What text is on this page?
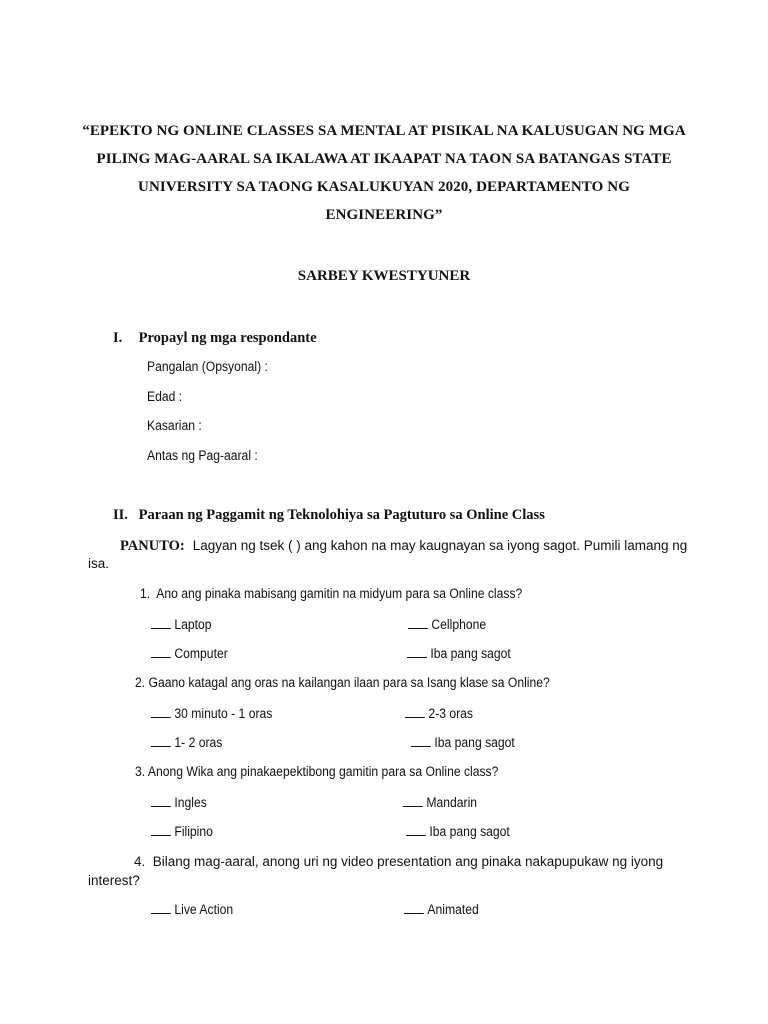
“EPEKTO NG ONLINE CLASSES SA MENTAL AT PISIKAL NA KALUSUGAN NG MGA PILING MAG-AARAL SA IKALAWA AT IKAAPAT NA TAON SA BATANGAS STATE UNIVERSITY SA TAONG KASALUKUYAN 2020, DEPARTAMENTO NG ENGINEERING”
SARBEY KWESTYUNER
I. Propayl ng mga respondante
Pangalan (Opsyonal) :
Edad :
Kasarian :
Antas ng Pag-aaral :
II. Paraan ng Paggamit ng Teknolohiya sa Pagtuturo sa Online Class
PANUTO: Lagyan ng tsek ( ) ang kahon na may kaugnayan sa iyong sagot. Pumili lamang ng isa.
1. Ano ang pinaka mabisang gamitin na midyum para sa Online class?
Laptop	Cellphone
Computer	Iba pang sagot
2. Gaano katagal ang oras na kailangan ilaan para sa Isang klase sa Online?
30 minuto - 1 oras	2-3 oras
1- 2 oras	Iba pang sagot
3. Anong Wika ang pinakaepektibong gamitin para sa Online class?
Ingles	Mandarin
Filipino	Iba pang sagot
4. Bilang mag-aaral, anong uri ng video presentation ang pinaka nakapupukaw ng iyong interest?
Live Action	Animated
